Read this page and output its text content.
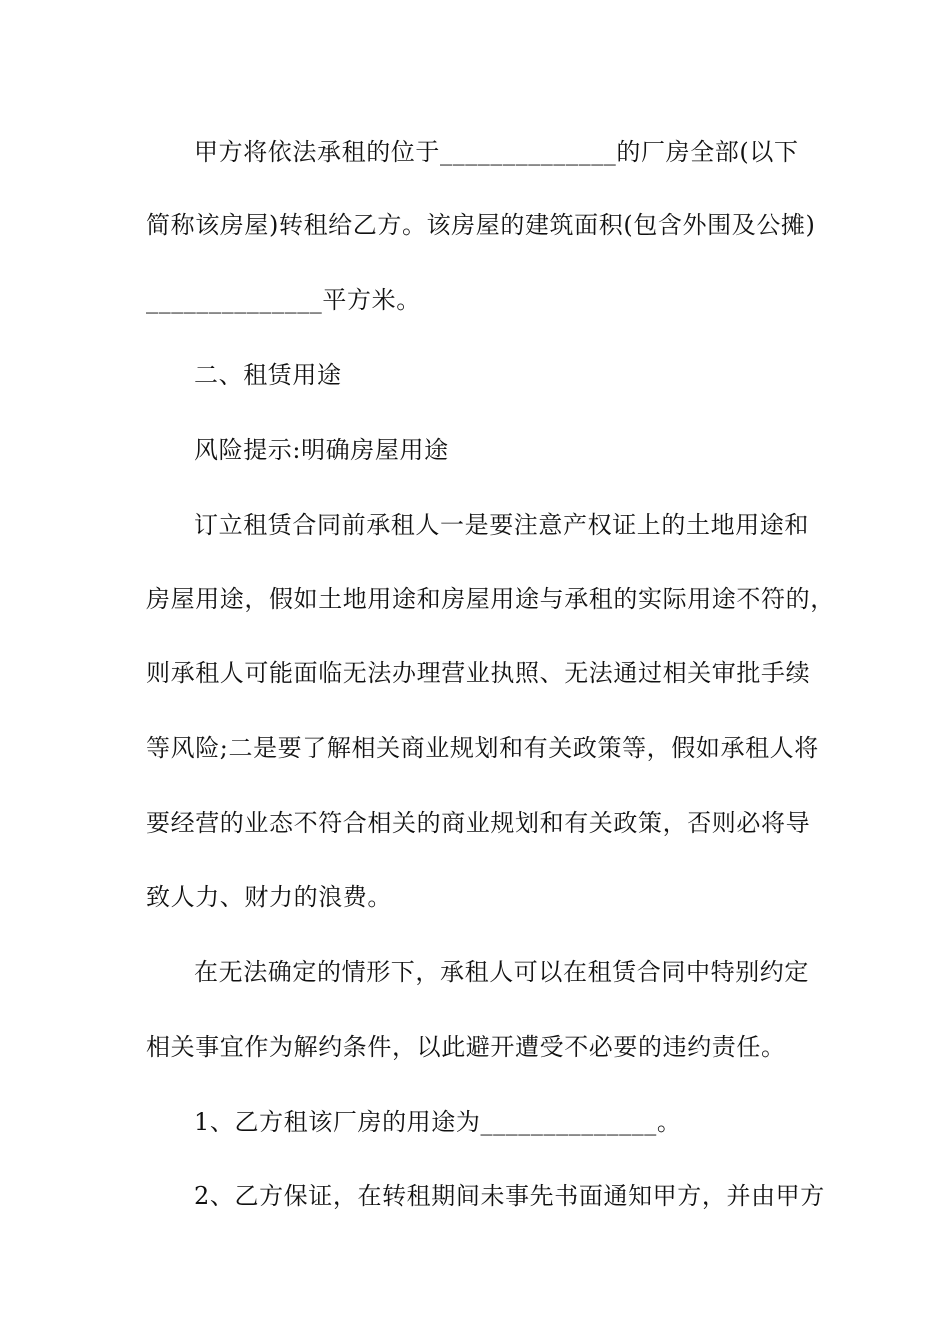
甲方将依法承租的位于______________的厂房全部(以下
简称该房屋)转租给乙方。该房屋的建筑面积(包含外围及公摊)
______________平方米。
二、租赁用途
风险提示:明确房屋用途
订立租赁合同前承租人一是要注意产权证上的土地用途和
房屋用途，假如土地用途和房屋用途与承租的实际用途不符的，
则承租人可能面临无法办理营业执照、无法通过相关审批手续
等风险;二是要了解相关商业规划和有关政策等，假如承租人将
要经营的业态不符合相关的商业规划和有关政策，否则必将导
致人力、财力的浪费。
在无法确定的情形下，承租人可以在租赁合同中特别约定
相关事宜作为解约条件，以此避开遭受不必要的违约责任。
1、乙方租该厂房的用途为______________。
2、乙方保证，在转租期间未事先书面通知甲方，并由甲方
